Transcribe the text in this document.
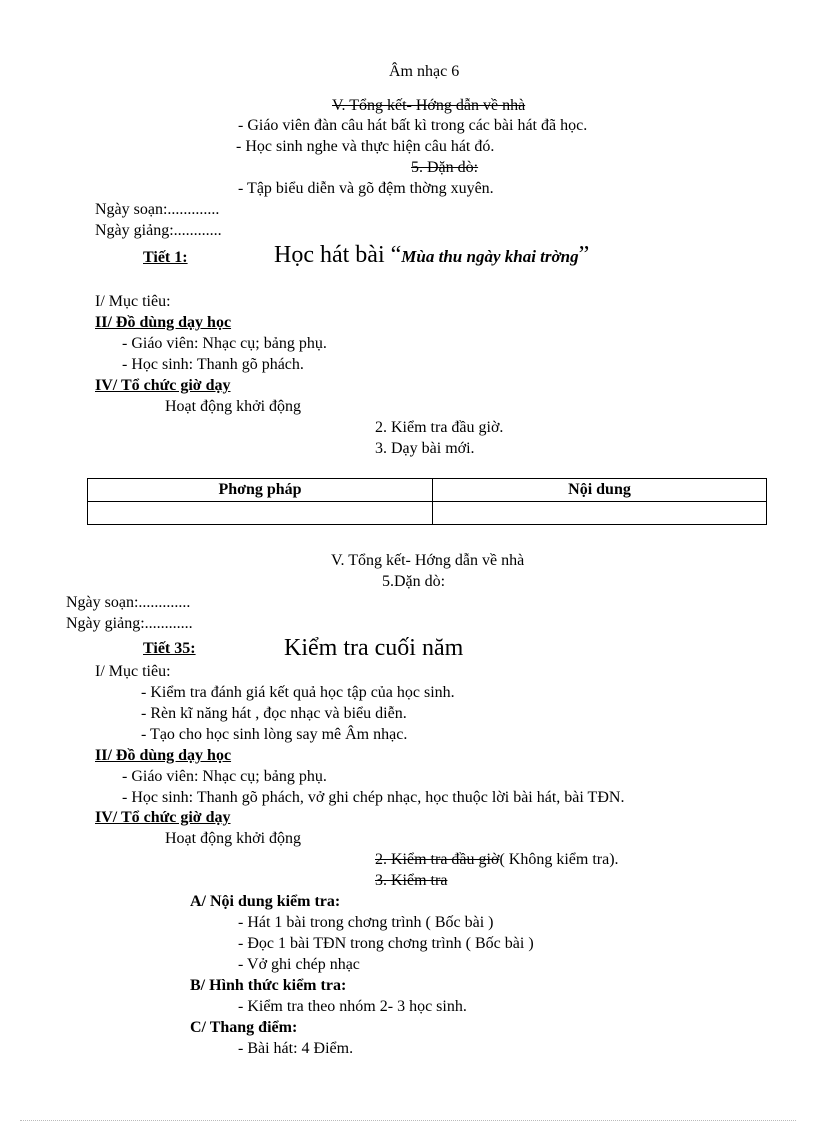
Âm nhạc 6
V. Tổng kết- Hớng dẫn về nhà
- Giáo viên đàn câu hát bất kì trong các bài hát đã học.
- Học sinh nghe và thực hiện câu hát đó.
5. Dặn dò:
- Tập biểu diễn và gõ đệm thờng xuyên.
Ngày soạn:.............
Ngày giảng:............
Tiết 1:	Học hát bài “Mùa thu ngày khai trờng”
I/ Mục tiêu:
II/ Đồ dùng dạy học
- Giáo viên: Nhạc cụ; bảng phụ.
- Học sinh: Thanh gõ phách.
IV/ Tổ chức giờ dạy
Hoạt động khởi động
2. Kiểm tra đầu giờ.
3. Dạy bài mới.
Phơng pháp	Nội dung

V. Tổng kết- Hớng dẫn về nhà
5.Dặn dò:
Ngày soạn:.............
Ngày giảng:............
Tiết 35:	Kiểm tra cuối năm
I/ Mục tiêu:
- Kiểm tra đánh giá kết quả học tập của học sinh.
- Rèn kĩ năng hát , đọc nhạc và biểu diễn.
- Tạo cho học sinh lòng say mê Âm nhạc.
II/ Đồ dùng dạy học
- Giáo viên: Nhạc cụ; bảng phụ.
- Học sinh: Thanh gõ phách, vở ghi chép nhạc, học thuộc lời bài hát, bài TĐN.
IV/ Tổ chức giờ dạy
Hoạt động khởi động
2. Kiểm tra đầu giờ( Không kiểm tra).
3. Kiểm tra
A/ Nội dung kiểm tra:
- Hát 1 bài trong chơng trình ( Bốc bài )
- Đọc 1 bài TĐN trong chơng trình ( Bốc bài )
- Vở ghi chép nhạc
B/ Hình thức kiểm tra:
- Kiểm tra theo nhóm 2- 3 học sinh.
C/ Thang điểm:
- Bài hát: 4 Điểm.
